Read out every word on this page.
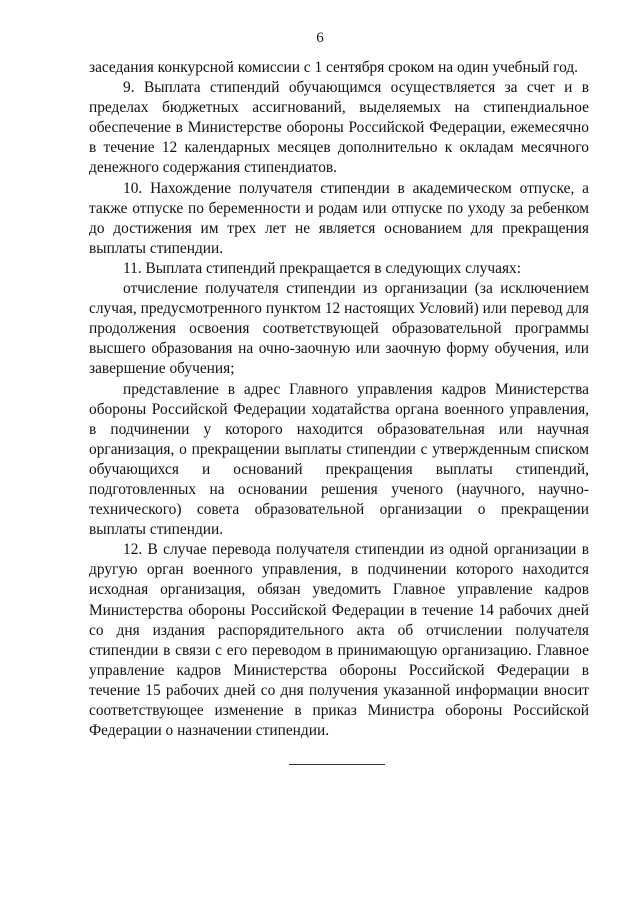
6

заседания конкурсной комиссии с 1 сентября сроком на один учебный год.

9. Выплата стипендий обучающимся осуществляется за счет и в пределах бюджетных ассигнований, выделяемых на стипендиальное обеспечение в Министерстве обороны Российской Федерации, ежемесячно в течение 12 календарных месяцев дополнительно к окладам месячного денежного содержания стипендиатов.

10. Нахождение получателя стипендии в академическом отпуске, а также отпуске по беременности и родам или отпуске по уходу за ребенком до достижения им трех лет не является основанием для прекращения выплаты стипендии.

11. Выплата стипендий прекращается в следующих случаях:

отчисление получателя стипендии из организации (за исключением случая, предусмотренного пунктом 12 настоящих Условий) или перевод для продолжения освоения соответствующей образовательной программы высшего образования на очно-заочную или заочную форму обучения, или завершение обучения;

представление в адрес Главного управления кадров Министерства обороны Российской Федерации ходатайства органа военного управления, в подчинении у которого находится образовательная или научная организация, о прекращении выплаты стипендии с утвержденным списком обучающихся и оснований прекращения выплаты стипендий, подготовленных на основании решения ученого (научного, научно-технического) совета образовательной организации о прекращении выплаты стипендии.

12. В случае перевода получателя стипендии из одной организации в другую орган военного управления, в подчинении которого находится исходная организация, обязан уведомить Главное управление кадров Министерства обороны Российской Федерации в течение 14 рабочих дней со дня издания распорядительного акта об отчислении получателя стипендии в связи с его переводом в принимающую организацию. Главное управление кадров Министерства обороны Российской Федерации в течение 15 рабочих дней со дня получения указанной информации вносит соответствующее изменение в приказ Министра обороны Российской Федерации о назначении стипендии.
